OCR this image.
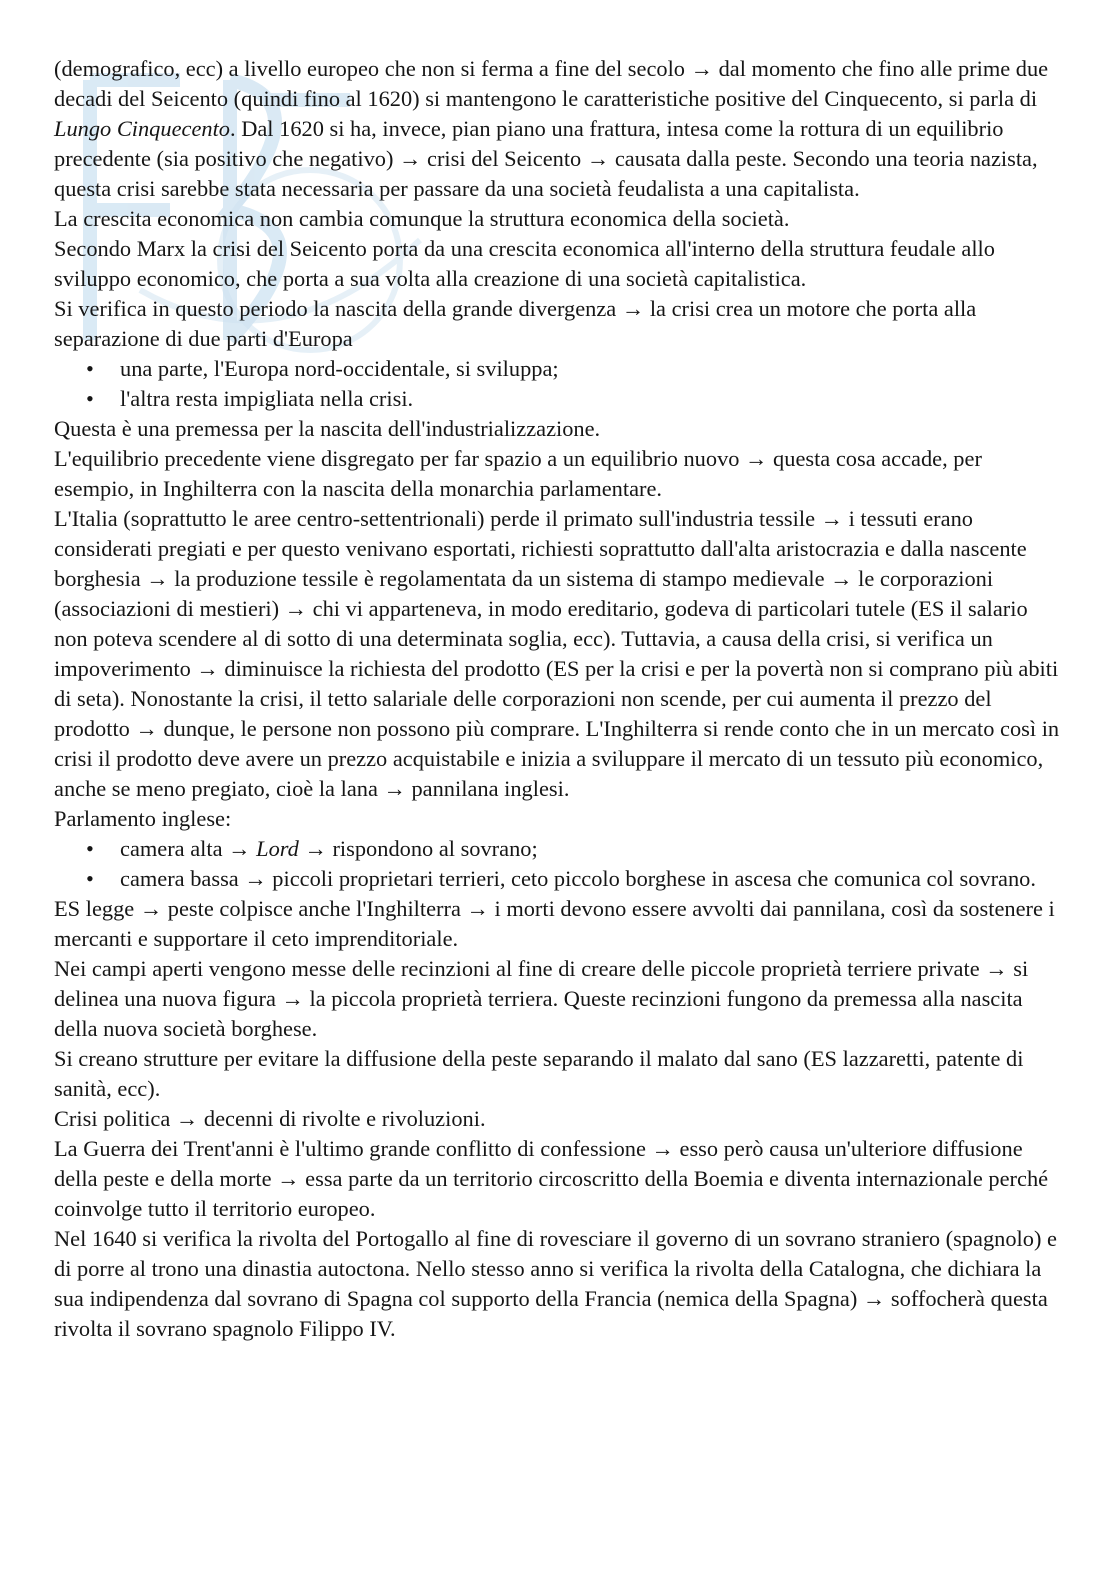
(demografico, ecc) a livello europeo che non si ferma a fine del secolo → dal momento che fino alle prime due decadi del Seicento (quindi fino al 1620) si mantengono le caratteristiche positive del Cinquecento, si parla di Lungo Cinquecento. Dal 1620 si ha, invece, pian piano una frattura, intesa come la rottura di un equilibrio precedente (sia positivo che negativo) → crisi del Seicento → causata dalla peste. Secondo una teoria nazista, questa crisi sarebbe stata necessaria per passare da una società feudalista a una capitalista.

La crescita economica non cambia comunque la struttura economica della società.

Secondo Marx la crisi del Seicento porta da una crescita economica all'interno della struttura feudale allo sviluppo economico, che porta a sua volta alla creazione di una società capitalistica.

Si verifica in questo periodo la nascita della grande divergenza → la crisi crea un motore che porta alla separazione di due parti d'Europa

• una parte, l'Europa nord-occidentale, si sviluppa;
• l'altra resta impigliata nella crisi.

Questa è una premessa per la nascita dell'industrializzazione.

L'equilibrio precedente viene disgregato per far spazio a un equilibrio nuovo → questa cosa accade, per esempio, in Inghilterra con la nascita della monarchia parlamentare.

L'Italia (soprattutto le aree centro-settentrionali) perde il primato sull'industria tessile → i tessuti erano considerati pregiati e per questo venivano esportati, richiesti soprattutto dall'alta aristocrazia e dalla nascente borghesia → la produzione tessile è regolamentata da un sistema di stampo medievale → le corporazioni (associazioni di mestieri) → chi vi apparteneva, in modo ereditario, godeva di particolari tutele (ES il salario non poteva scendere al di sotto di una determinata soglia, ecc). Tuttavia, a causa della crisi, si verifica un impoverimento → diminuisce la richiesta del prodotto (ES per la crisi e per la povertà non si comprano più abiti di seta). Nonostante la crisi, il tetto salariale delle corporazioni non scende, per cui aumenta il prezzo del prodotto → dunque, le persone non possono più comprare. L'Inghilterra si rende conto che in un mercato così in crisi il prodotto deve avere un prezzo acquistabile e inizia a sviluppare il mercato di un tessuto più economico, anche se meno pregiato, cioè la lana → pannilana inglesi.

Parlamento inglese:

• camera alta → Lord → rispondono al sovrano;
• camera bassa → piccoli proprietari terrieri, ceto piccolo borghese in ascesa che comunica col sovrano.

ES legge → peste colpisce anche l'Inghilterra → i morti devono essere avvolti dai pannilana, così da sostenere i mercanti e supportare il ceto imprenditoriale.

Nei campi aperti vengono messe delle recinzioni al fine di creare delle piccole proprietà terriere private → si delinea una nuova figura → la piccola proprietà terriera. Queste recinzioni fungono da premessa alla nascita della nuova società borghese.

Si creano strutture per evitare la diffusione della peste separando il malato dal sano (ES lazzaretti, patente di sanità, ecc).

Crisi politica → decenni di rivolte e rivoluzioni.

La Guerra dei Trent'anni è l'ultimo grande conflitto di confessione → esso però causa un'ulteriore diffusione della peste e della morte → essa parte da un territorio circoscritto della Boemia e diventa internazionale perché coinvolge tutto il territorio europeo.

Nel 1640 si verifica la rivolta del Portogallo al fine di rovesciare il governo di un sovrano straniero (spagnolo) e di porre al trono una dinastia autoctona. Nello stesso anno si verifica la rivolta della Catalogna, che dichiara la sua indipendenza dal sovrano di Spagna col supporto della Francia (nemica della Spagna) → soffocherà questa rivolta il sovrano spagnolo Filippo IV.
